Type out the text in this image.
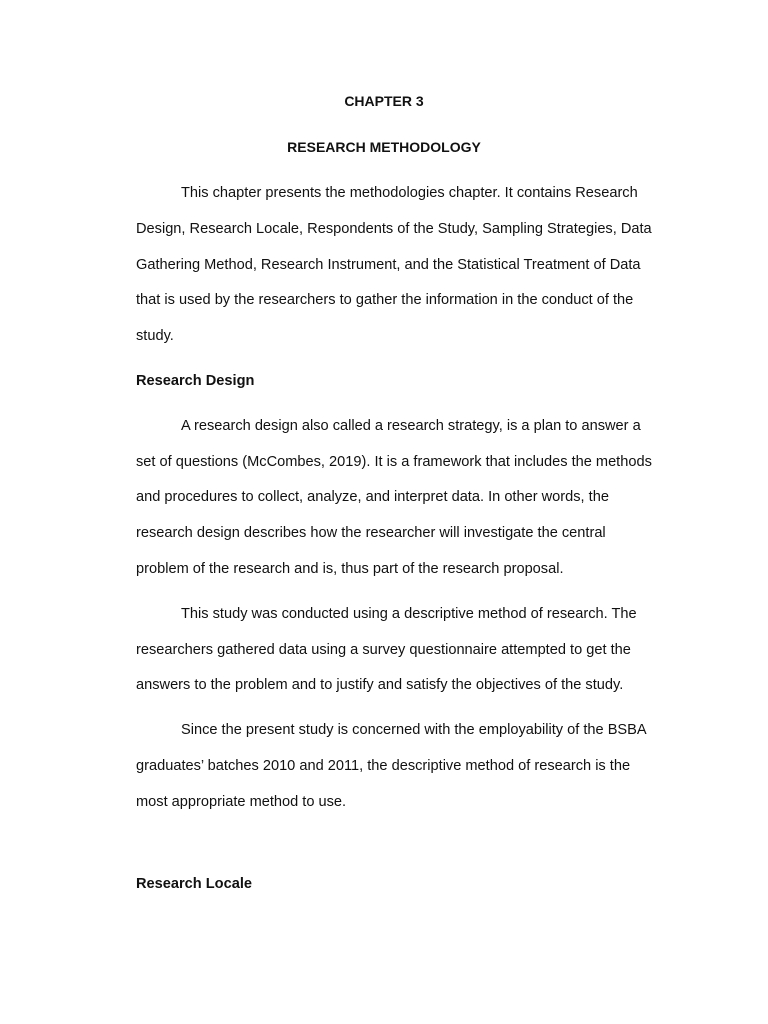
CHAPTER 3
RESEARCH METHODOLOGY

This chapter presents the methodologies chapter. It contains Research
Design, Research Locale, Respondents of the Study, Sampling Strategies, Data
Gathering Method, Research Instrument, and the Statistical Treatment of Data
that is used by the researchers to gather the information in the conduct of the
study.

Research Design

A research design also called a research strategy, is a plan to answer a
set of questions (McCombes, 2019). It is a framework that includes the methods
and procedures to collect, analyze, and interpret data. In other words, the
research design describes how the researcher will investigate the central
problem of the research and is, thus part of the research proposal.

This study was conducted using a descriptive method of research. The
researchers gathered data using a survey questionnaire attempted to get the
answers to the problem and to justify and satisfy the objectives of the study.

Since the present study is concerned with the employability of the BSBA
graduates’ batches 2010 and 2011, the descriptive method of research is the
most appropriate method to use.

Research Locale
